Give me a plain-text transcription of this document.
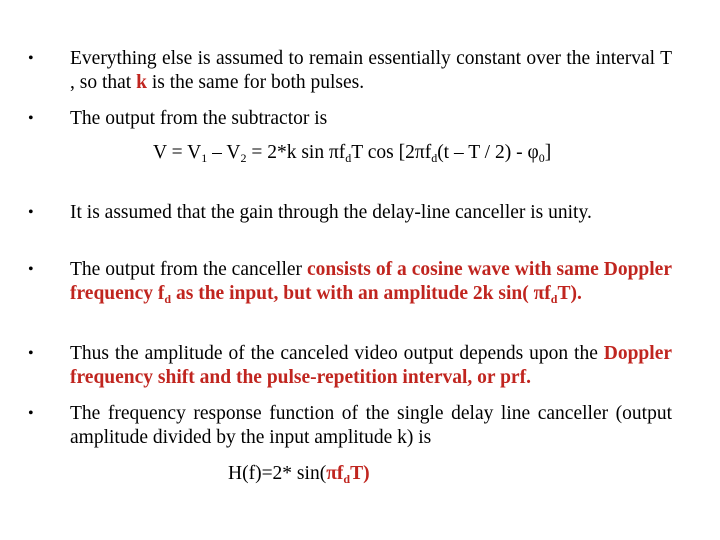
• Everything else is assumed to remain essentially constant over the interval T , so that k is the same for both pulses.
• The output from the subtractor is
• It is assumed that the gain through the delay-line canceller is unity.
• The output from the canceller consists of a cosine wave with same Doppler frequency $f_d$ as the input, but with an amplitude 2k sin( $\pi f_dT$).
• Thus the amplitude of the canceled video output depends upon the Doppler frequency shift and the pulse-repetition interval, or prf.
• The frequency response function of the single delay line canceller (output amplitude divided by the input amplitude k) is
$V = V_1 - V_2 = 2*k$ $\sin \pi f_dT$ $\cos [2\pi f_d(t$ – T / $2) - \varphi_0$]
H(f)=2* $\sin(\pi f_dT)$
